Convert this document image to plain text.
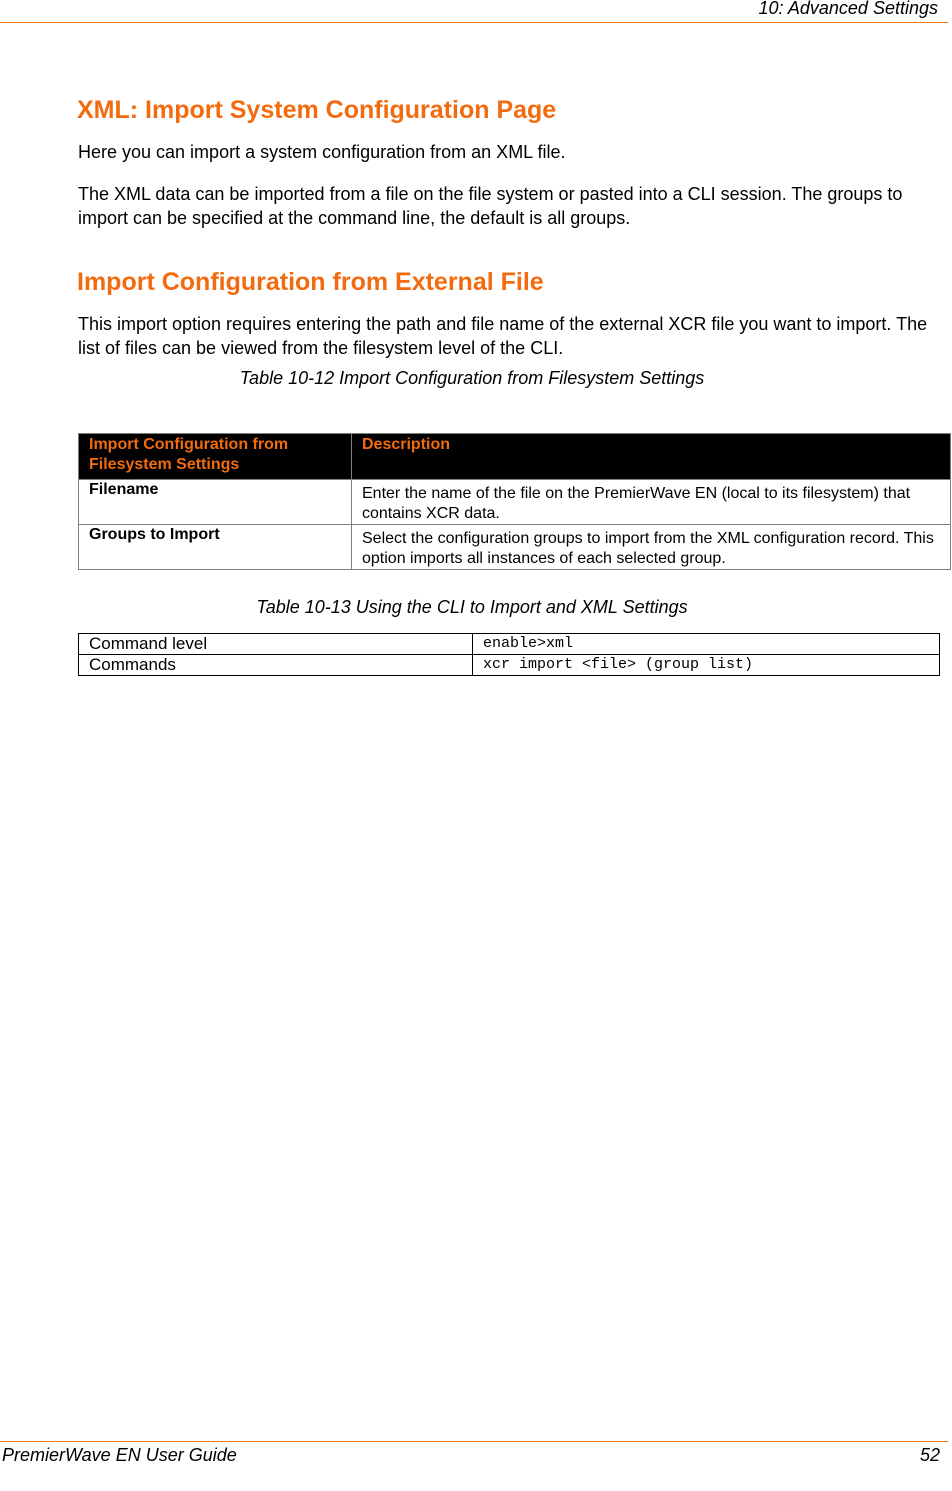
10: Advanced Settings
XML: Import System Configuration Page

Here you can import a system configuration from an XML file.

The XML data can be imported from a file on the file system or pasted into a CLI session. The groups to import can be specified at the command line, the default is all groups.

Import Configuration from External File

This import option requires entering the path and file name of the external XCR file you want to import. The list of files can be viewed from the filesystem level of the CLI.

Table 10-12 Import Configuration from Filesystem Settings
Import Configuration from Filesystem Settings	Description
Filename	Enter the name of the file on the PremierWave EN (local to its filesystem) that contains XCR data.
Groups to Import	Select the configuration groups to import from the XML configuration record. This option imports all instances of each selected group.
Table 10-13 Using the CLI to Import and XML Settings
Command level	enable>xml
Commands	xcr import <file> (group list)
PremierWave EN User Guide	52
